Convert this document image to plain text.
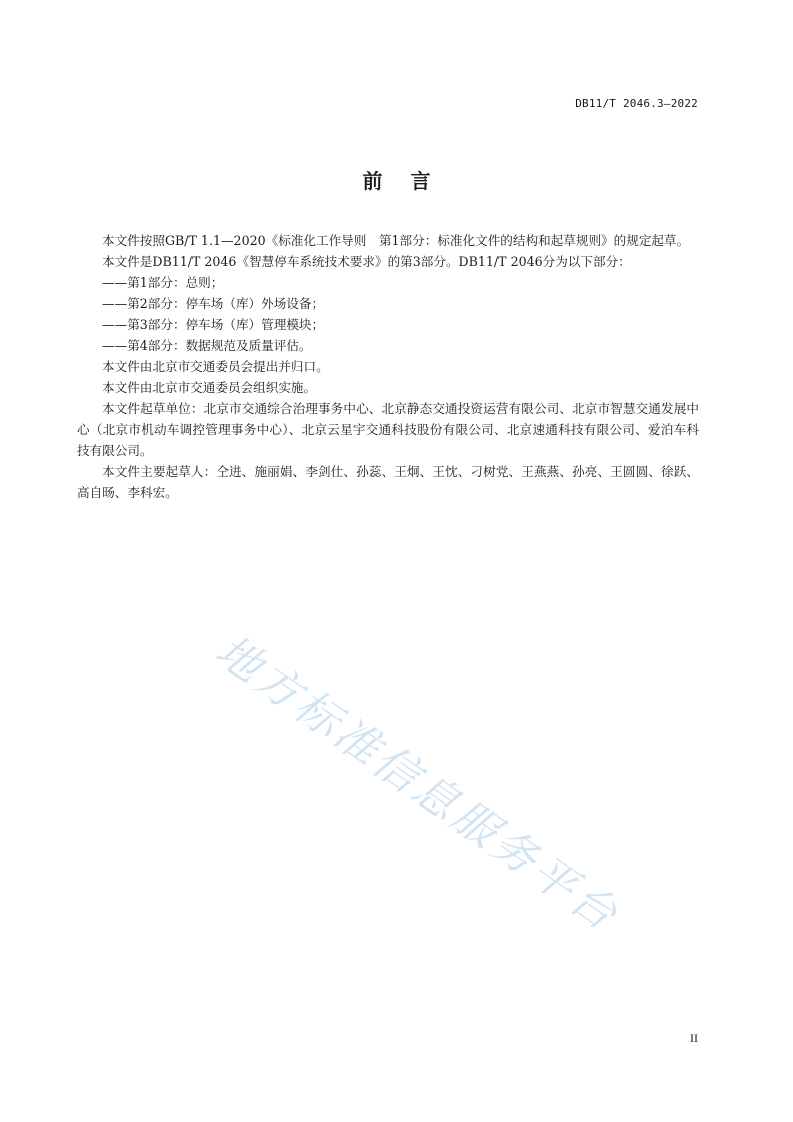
DB11/T 2046.3—2022
前言

本文件按照GB/T 1.1—2020《标准化工作导则　第1部分：标准化文件的结构和起草规则》的规定起草。

本文件是DB11/T 2046《智慧停车系统技术要求》的第3部分。DB11/T 2046分为以下部分：

——第1部分：总则；

——第2部分：停车场（库）外场设备；

——第3部分：停车场（库）管理模块；

——第4部分：数据规范及质量评估。

本文件由北京市交通委员会提出并归口。

本文件由北京市交通委员会组织实施。

本文件起草单位：北京市交通综合治理事务中心、北京静态交通投资运营有限公司、北京市智慧交通发展中心（北京市机动车调控管理事务中心）、北京云星宇交通科技股份有限公司、北京速通科技有限公司、爱泊车科技有限公司。

本文件主要起草人：仝进、施丽娟、李剑仕、孙蕊、王炯、王忱、刁树党、王燕燕、孙亮、王圆圆、徐跃、高自旸、李科宏。

地方标准信息服务平台
II
